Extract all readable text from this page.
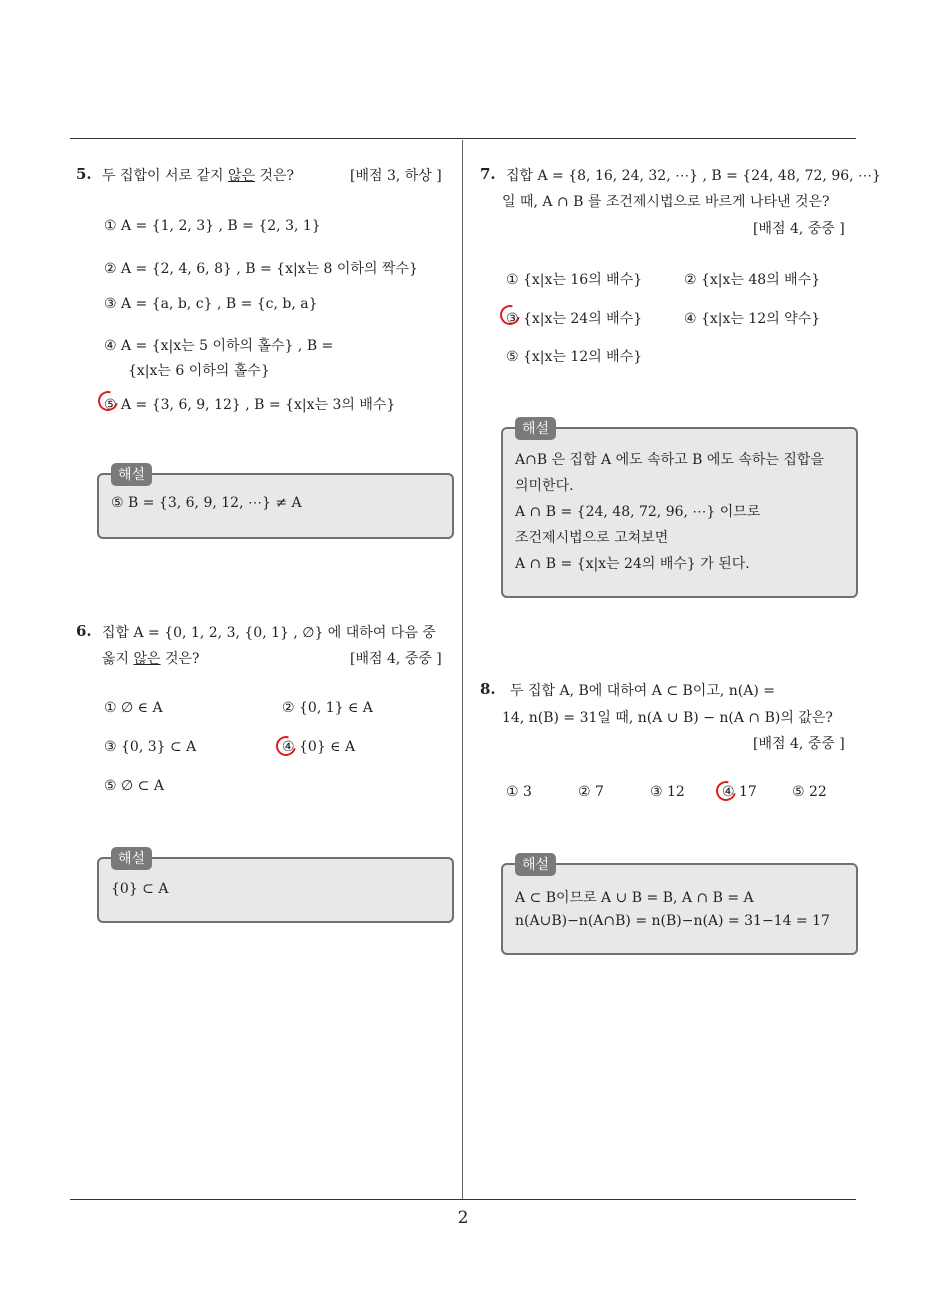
2
5. 두 집합이 서로 같지 않은 것은?	[배점 3, 하상 ]
① A = {1, 2, 3} , B = {2, 3, 1}
② A = {2, 4, 6, 8} , B = {x|x는 8 이하의 짝수}
③ A = {a, b, c} , B = {c, b, a}
④ A = {x|x는 5 이하의 홀수} , B =
{x|x는 6 이하의 홀수}
⑤ A = {3, 6, 9, 12} , B = {x|x는 3의 배수}
해설
⑤ B = {3, 6, 9, 12, ⋯} ≠ A
6. 집합 A = {0, 1, 2, 3, {0, 1} , ∅} 에 대하여 다음 중
옳지 않은 것은?	[배점 4, 중중 ]
① ∅ ∈ A	② {0, 1} ∈ A
③ {0, 3} ⊂ A	④ {0} ∈ A
⑤ ∅ ⊂ A
해설
{0} ⊂ A
7. 집합 A = {8, 16, 24, 32, ⋯} , B = {24, 48, 72, 96, ⋯}
일 때, A ∩ B 를 조건제시법으로 바르게 나타낸 것은?
[배점 4, 중중 ]
① {x|x는 16의 배수}	② {x|x는 48의 배수}
③ {x|x는 24의 배수}	④ {x|x는 12의 약수}
⑤ {x|x는 12의 배수}
해설
A∩B 은 집합 A 에도 속하고 B 에도 속하는 집합을
의미한다.
A ∩ B = {24, 48, 72, 96, ⋯} 이므로
조건제시법으로 고쳐보면
A ∩ B = {x|x는 24의 배수} 가 된다.
8. 두 집합 A, B에 대하여 A ⊂ B이고, n(A) =
14, n(B) = 31일 때, n(A ∪ B) − n(A ∩ B)의 값은?
[배점 4, 중중 ]
① 3	② 7	③ 12	④ 17	⑤ 22
해설
A ⊂ B이므로 A ∪ B = B, A ∩ B = A
n(A∪B)−n(A∩B) = n(B)−n(A) = 31−14 = 17
